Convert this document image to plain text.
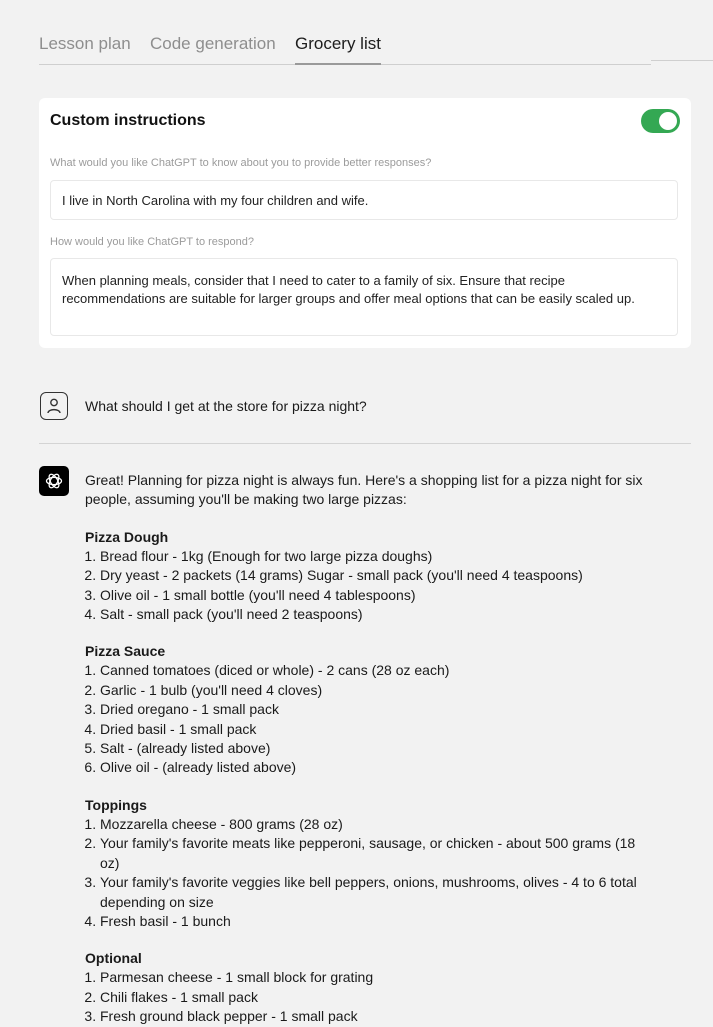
Lesson plan Code generation Grocery list
Custom instructions
What would you like ChatGPT to know about you to provide better responses?
I live in North Carolina with my four children and wife.
How would you like ChatGPT to respond?
When planning meals, consider that I need to cater to a family of six. Ensure that recipe recommendations are suitable for larger groups and offer meal options that can be easily scaled up.
What should I get at the store for pizza night?

Great! Planning for pizza night is always fun. Here's a shopping list for a pizza night for six people, assuming you'll be making two large pizzas:

Pizza Dough
1. Bread flour - 1kg (Enough for two large pizza doughs)
2. Dry yeast - 2 packets (14 grams) Sugar - small pack (you'll need 4 teaspoons)
3. Olive oil - 1 small bottle (you'll need 4 tablespoons)
4. Salt - small pack (you'll need 2 teaspoons)
Pizza Sauce
1. Canned tomatoes (diced or whole) - 2 cans (28 oz each)
2. Garlic - 1 bulb (you'll need 4 cloves)
3. Dried oregano - 1 small pack
4. Dried basil - 1 small pack
5. Salt - (already listed above)
6. Olive oil - (already listed above)
Toppings
1. Mozzarella cheese - 800 grams (28 oz)
2. Your family's favorite meats like pepperoni, sausage, or chicken - about 500 grams (18 oz)
3. Your family's favorite veggies like bell peppers, onions, mushrooms, olives - 4 to 6 total depending on size
4. Fresh basil - 1 bunch
Optional
1. Parmesan cheese - 1 small block for grating
2. Chili flakes - 1 small pack
3. Fresh ground black pepper - 1 small pack
